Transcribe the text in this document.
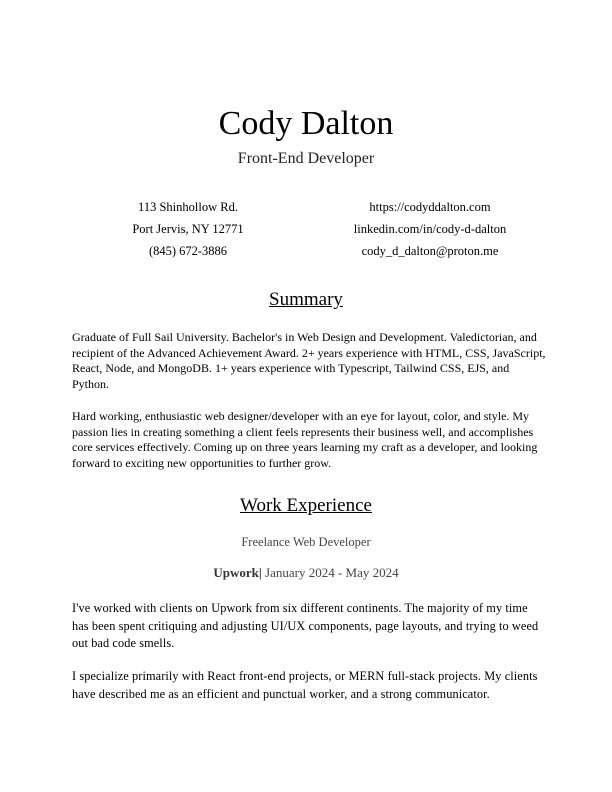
Cody Dalton
Front-End Developer
113 Shinhollow Rd.
Port Jervis, NY 12771
(845) 672-3886
https://codyddalton.com
linkedin.com/in/cody-d-dalton
cody_d_dalton@proton.me
Summary
Graduate of Full Sail University. Bachelor's in Web Design and Development. Valedictorian, and recipient of the Advanced Achievement Award. 2+ years experience with HTML, CSS, JavaScript, React, Node, and MongoDB. 1+ years experience with Typescript, Tailwind CSS, EJS, and Python.
Hard working, enthusiastic web designer/developer with an eye for layout, color, and style. My passion lies in creating something a client feels represents their business well, and accomplishes core services effectively. Coming up on three years learning my craft as a developer, and looking forward to exciting new opportunities to further grow.
Work Experience
Freelance Web Developer
Upwork| January 2024 - May 2024
I've worked with clients on Upwork from six different continents. The majority of my time has been spent critiquing and adjusting UI/UX components, page layouts, and trying to weed out bad code smells.
I specialize primarily with React front-end projects, or MERN full-stack projects. My clients have described me as an efficient and punctual worker, and a strong communicator.
